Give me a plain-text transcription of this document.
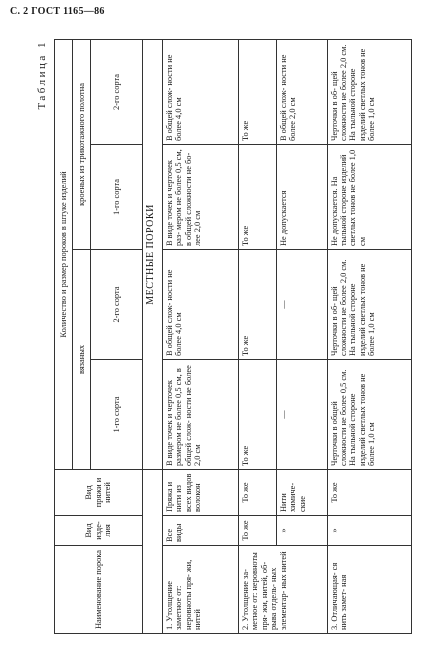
С. 2 ГОСТ 1165—86
Таблица 1
Наименование порока	Вид изде- лия	Вид пряжи и нитей	Количество и размер пороков в штуке изделий			
			вязаных		кроеных из трикотажного полотна	
			1-го сорта	2-го сорта	1-го сорта	2-го сорта
			МЕСТНЫЕ ПОРОКИ			
1. Утолщение заметное от: неровноты пря- жи, нитей	Все виды	Пряжа и нити из всех видов волокон	В виде точек и черточек размером не более 0,5 см, в общей слож- ности не более 2,0 см	В общей слож- ности не более 4,0 см	В виде точек и черточек раз- мером не более 0,5 см, в общей сложности не бо- лее 2,0 см	В общей слож- ности не более 4,0 см
2. Утолщение за- метное от: неровноты пря- жи, нитей, об- рыва отдель- ных элементар- ных нитей	То же	То же	То же	То же	То же	То же
	»	Нити химиче- ские	—	—	Не допускается	В общей слож- ности не более 2,0 см
3. Отличающая- ся нить замет- ная	»	То же	Черточки в общей сложности не более 0,5 см. На тыльной стороне изделий светлых тонов не более 1,0 см	Черточки в об- щей сложности не более 2,0 см. На тыльной стороне изделий светлых тонов не более 1,0 см	Не допускается. На тыльной стороне изделий светлых тонов не более 1,0 см	Черточки в об- щей сложности не более 2,0 см. На тыльной стороне изделий светлых тонов не более 1,0 см
